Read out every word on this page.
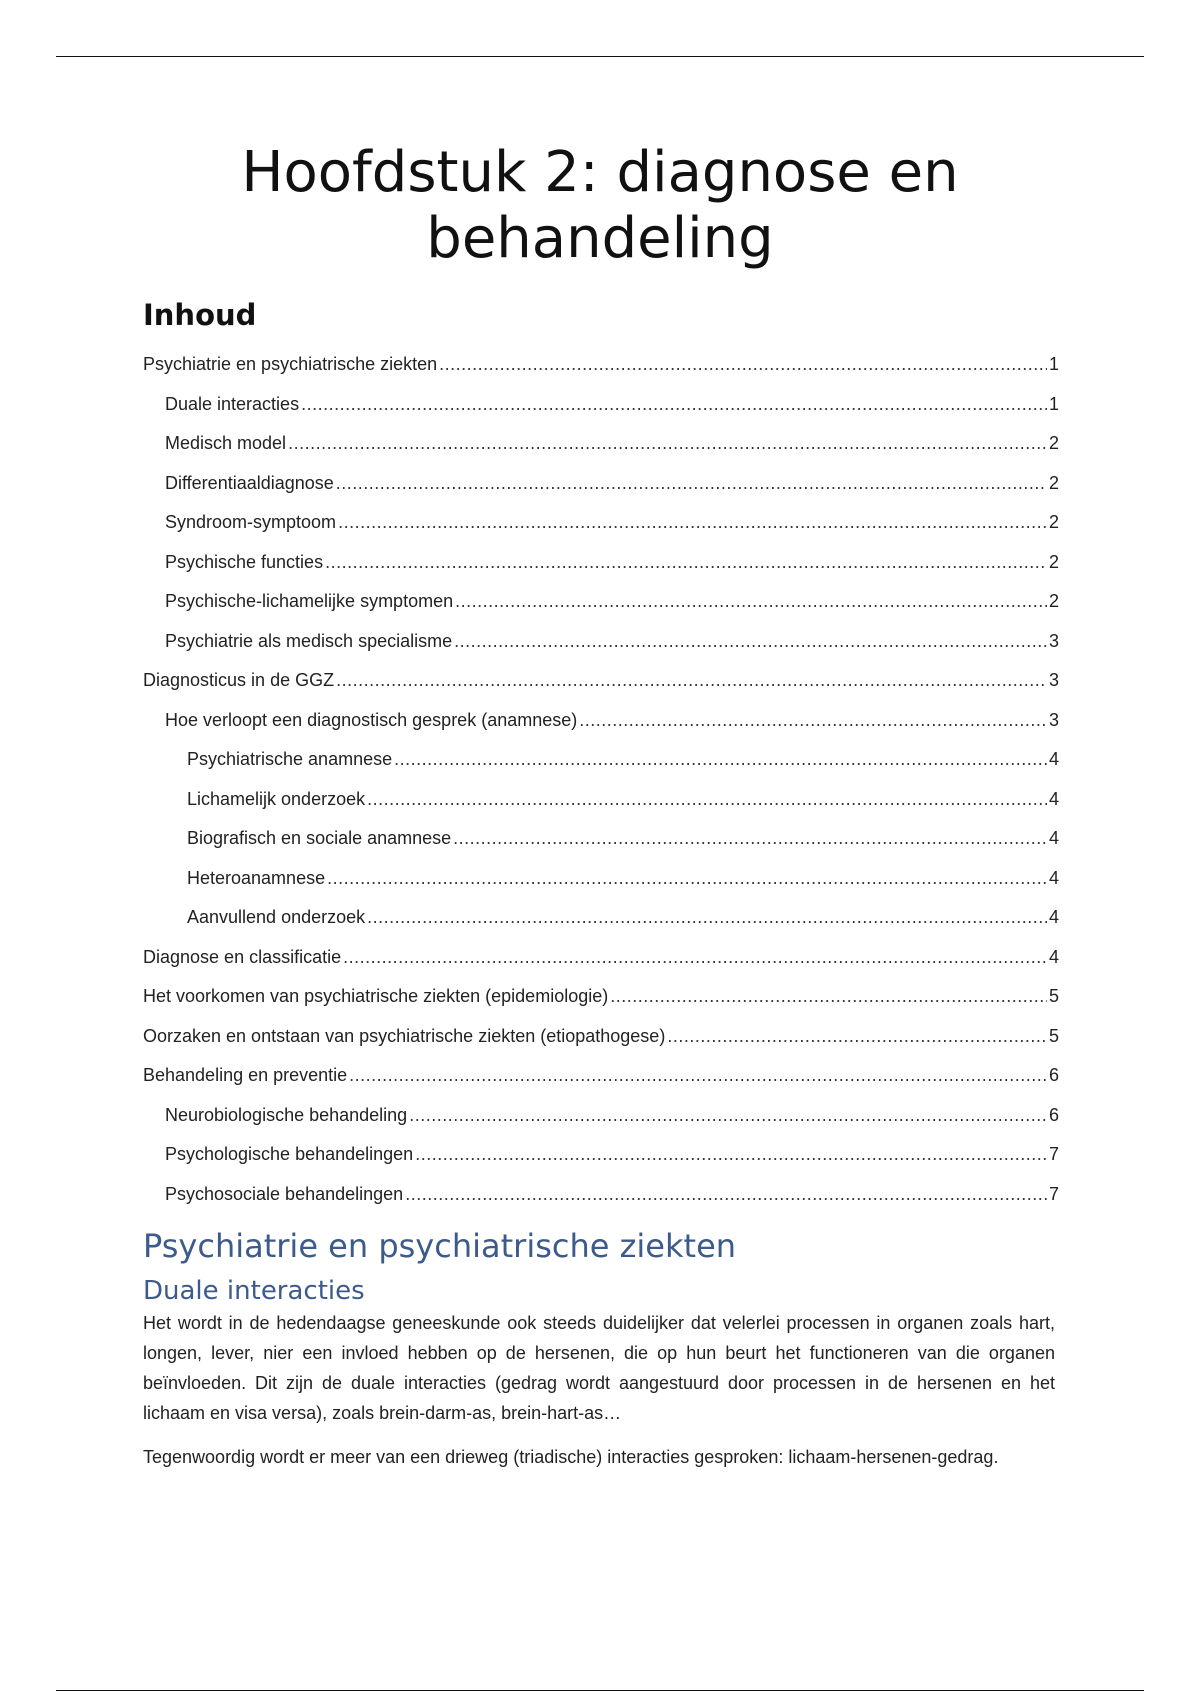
Hoofdstuk 2: diagnose en
behandeling
Inhoud
Psychiatrie en psychiatrische ziekten .....	1
Duale interacties .....	1
Medisch model .....	2
Differentiaaldiagnose .....	2
Syndroom-symptoom .....	2
Psychische functies .....	2
Psychische-lichamelijke symptomen .....	2
Psychiatrie als medisch specialisme .....	3
Diagnosticus in de GGZ .....	3
Hoe verloopt een diagnostisch gesprek (anamnese) .....	3
Psychiatrische anamnese .....	4
Lichamelijk onderzoek .....	4
Biografisch en sociale anamnese .....	4
Heteroanamnese .....	4
Aanvullend onderzoek .....	4
Diagnose en classificatie .....	4
Het voorkomen van psychiatrische ziekten (epidemiologie) .....	5
Oorzaken en ontstaan van psychiatrische ziekten (etiopathogese) .....	5
Behandeling en preventie .....	6
Neurobiologische behandeling .....	6
Psychologische behandelingen .....	7
Psychosociale behandelingen .....	7
Psychiatrie en psychiatrische ziekten
Duale interacties

Het wordt in de hedendaagse geneeskunde ook steeds duidelijker dat velerlei processen in organen zoals hart, longen, lever, nier een invloed hebben op de hersenen, die op hun beurt het functioneren van die organen beïnvloeden. Dit zijn de duale interacties (gedrag wordt aangestuurd door processen in de hersenen en het lichaam en visa versa), zoals brein-darm-as, brein-hart-as…

Tegenwoordig wordt er meer van een drieweg (triadische) interacties gesproken: lichaam-hersenen-gedrag.
